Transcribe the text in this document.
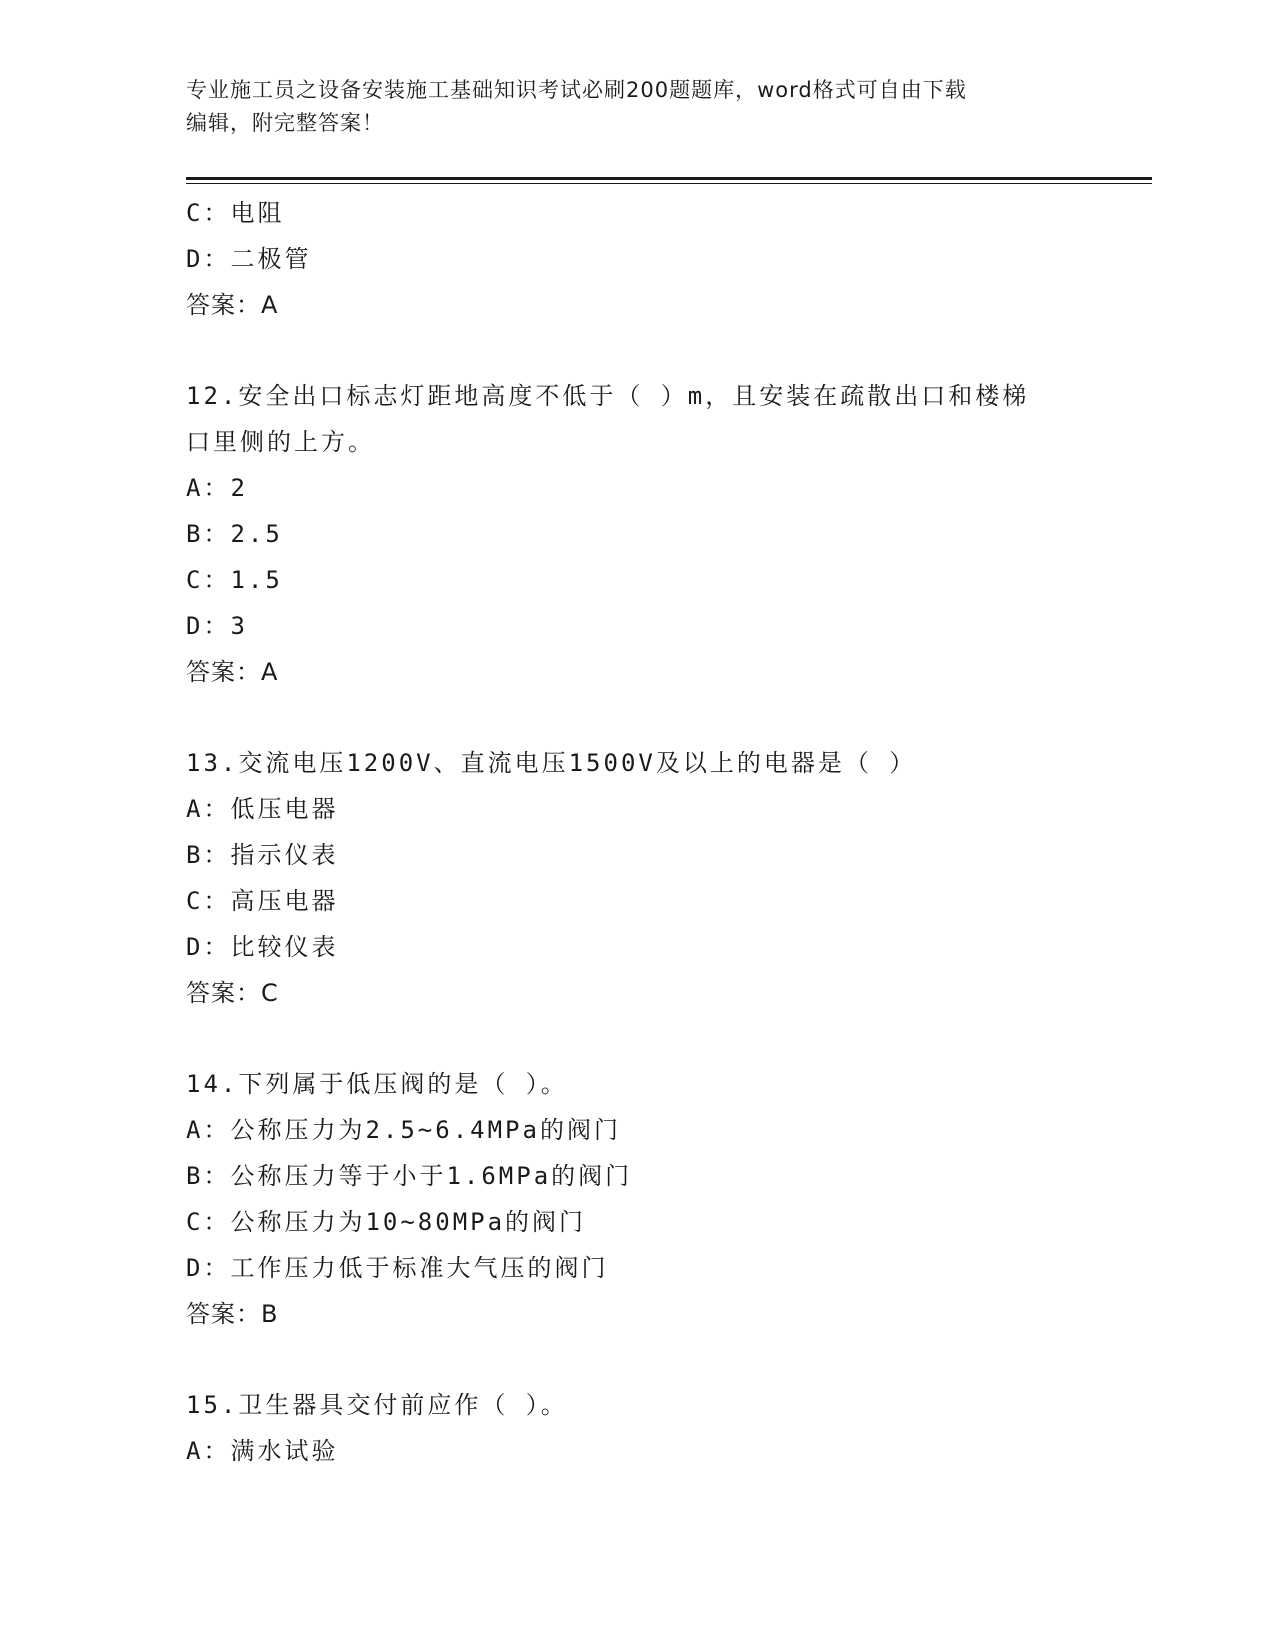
专业施工员之设备安装施工基础知识考试必刷200题题库，word格式可自由下载
编辑，附完整答案！
C：电阻
D：二极管
答案：A
12.安全出口标志灯距地高度不低于（ ）m，且安装在疏散出口和楼梯
口里侧的上方。
A：2
B：2.5
C：1.5
D：3
答案：A
13.交流电压1200V、直流电压1500V及以上的电器是（ ）
A：低压电器
B：指示仪表
C：高压电器
D：比较仪表
答案：C
14.下列属于低压阀的是（ ）。
A：公称压力为2.5~6.4MPa的阀门
B：公称压力等于小于1.6MPa的阀门
C：公称压力为10~80MPa的阀门
D：工作压力低于标准大气压的阀门
答案：B
15.卫生器具交付前应作（ ）。
A：满水试验
